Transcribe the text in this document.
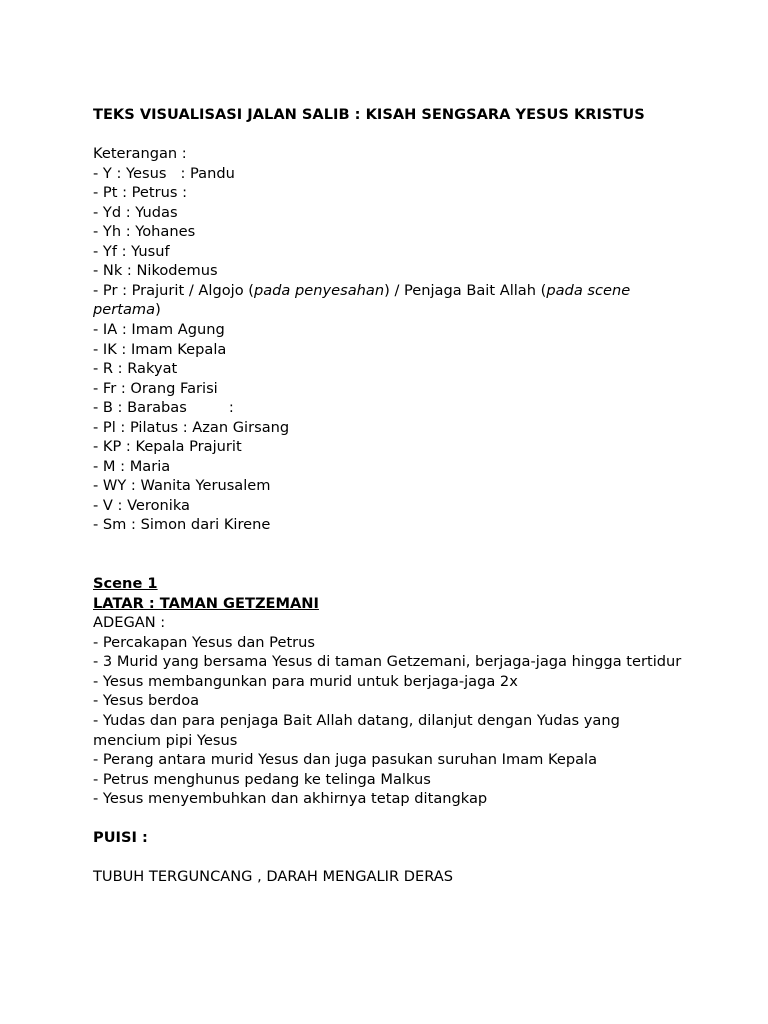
TEKS VISUALISASI JALAN SALIB : KISAH SENGSARA YESUS KRISTUS
Keterangan :
- Y : Yesus : Pandu
- Pt : Petrus :
- Yd : Yudas
- Yh : Yohanes
- Yf : Yusuf
- Nk : Nikodemus
- Pr : Prajurit / Algojo (pada penyesahan) / Penjaga Bait Allah (pada scene pertama)
- IA : Imam Agung
- IK : Imam Kepala
- R : Rakyat
- Fr : Orang Farisi
- B : Barabas	:
- Pl : Pilatus : Azan Girsang
- KP : Kepala Prajurit
- M : Maria
- WY : Wanita Yerusalem
- V : Veronika
- Sm : Simon dari Kirene
Scene 1
LATAR : TAMAN GETZEMANI
ADEGAN :
- Percakapan Yesus dan Petrus
- 3 Murid yang bersama Yesus di taman Getzemani, berjaga-jaga hingga tertidur
- Yesus membangunkan para murid untuk berjaga-jaga 2x
- Yesus berdoa
- Yudas dan para penjaga Bait Allah datang, dilanjut dengan Yudas yang mencium pipi Yesus
- Perang antara murid Yesus dan juga pasukan suruhan Imam Kepala
- Petrus menghunus pedang ke telinga Malkus
- Yesus menyembuhkan dan akhirnya tetap ditangkap
PUISI :
TUBUH TERGUNCANG , DARAH MENGALIR DERAS
